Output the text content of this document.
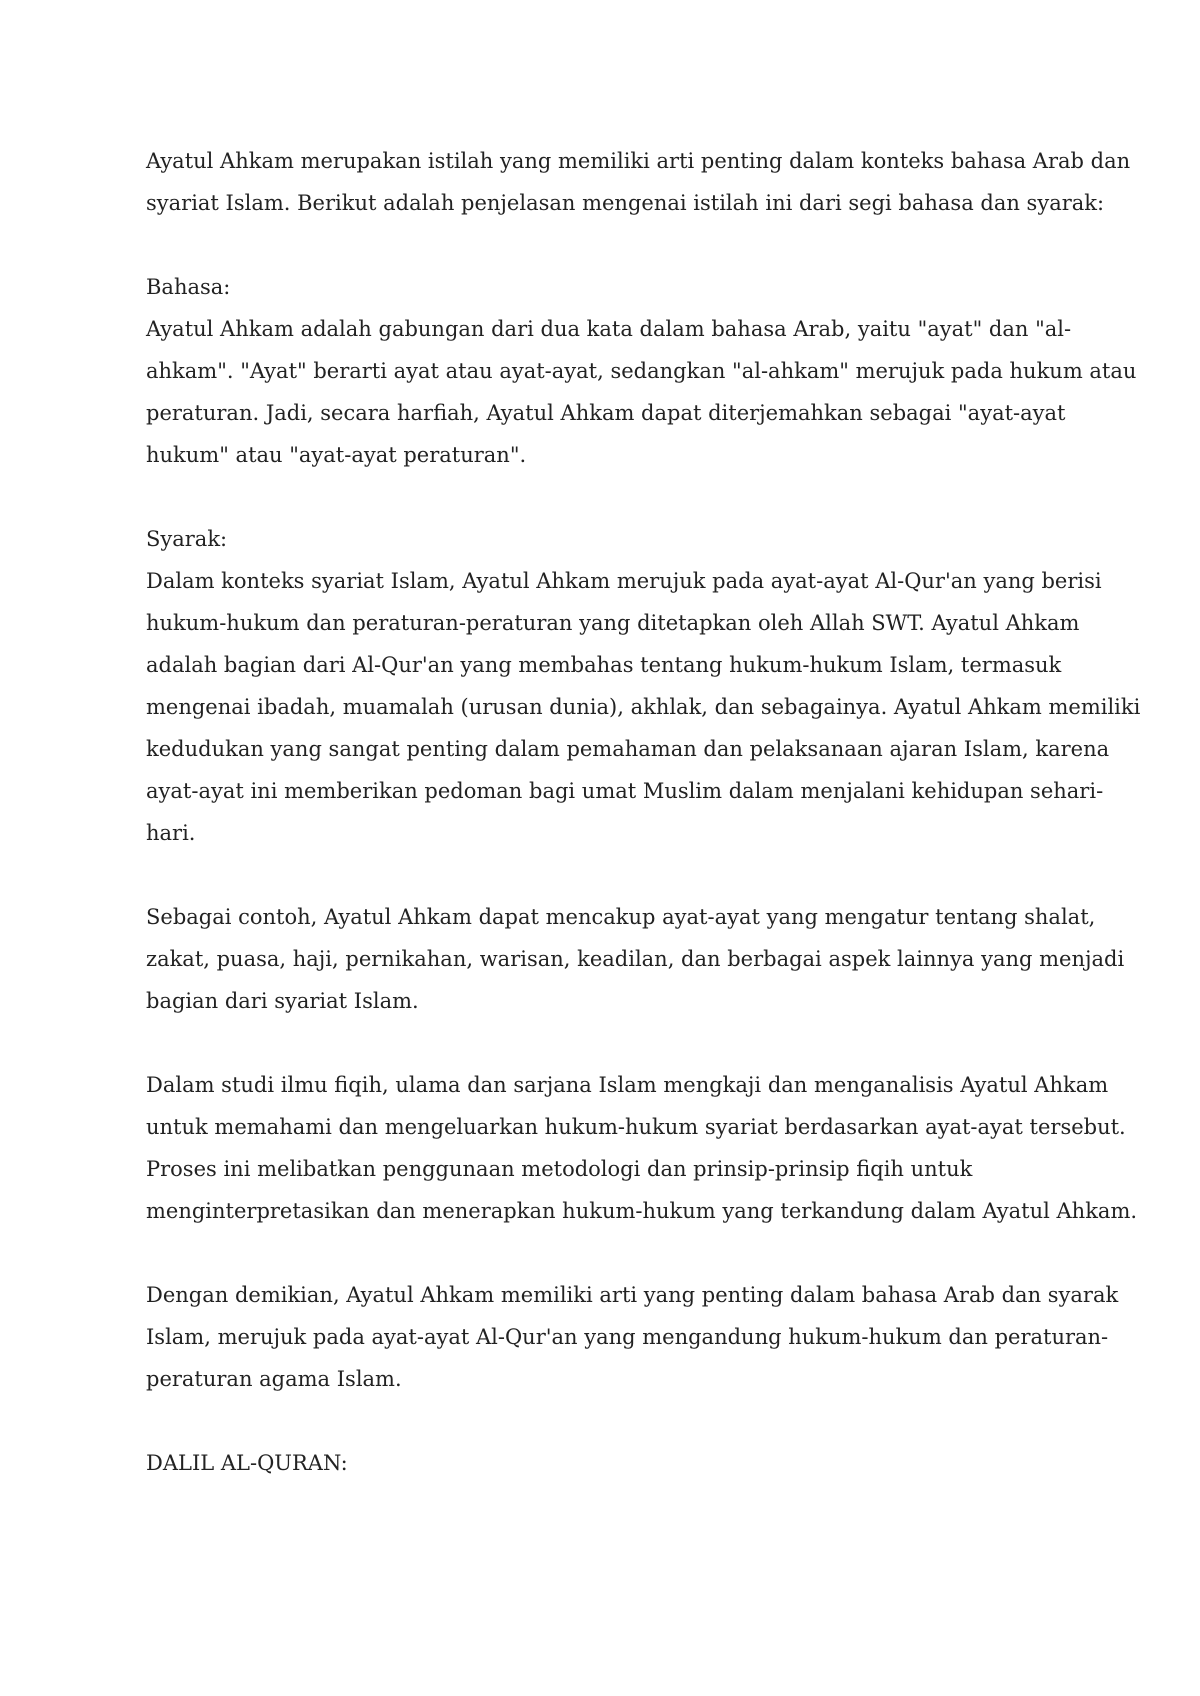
Ayatul Ahkam merupakan istilah yang memiliki arti penting dalam konteks bahasa Arab dan
syariat Islam. Berikut adalah penjelasan mengenai istilah ini dari segi bahasa dan syarak:
Bahasa:
Ayatul Ahkam adalah gabungan dari dua kata dalam bahasa Arab, yaitu "ayat" dan "al-
ahkam". "Ayat" berarti ayat atau ayat-ayat, sedangkan "al-ahkam" merujuk pada hukum atau
peraturan. Jadi, secara harfiah, Ayatul Ahkam dapat diterjemahkan sebagai "ayat-ayat
hukum" atau "ayat-ayat peraturan".
Syarak:
Dalam konteks syariat Islam, Ayatul Ahkam merujuk pada ayat-ayat Al-Qur'an yang berisi
hukum-hukum dan peraturan-peraturan yang ditetapkan oleh Allah SWT. Ayatul Ahkam
adalah bagian dari Al-Qur'an yang membahas tentang hukum-hukum Islam, termasuk
mengenai ibadah, muamalah (urusan dunia), akhlak, dan sebagainya. Ayatul Ahkam memiliki
kedudukan yang sangat penting dalam pemahaman dan pelaksanaan ajaran Islam, karena
ayat-ayat ini memberikan pedoman bagi umat Muslim dalam menjalani kehidupan sehari-
hari.
Sebagai contoh, Ayatul Ahkam dapat mencakup ayat-ayat yang mengatur tentang shalat,
zakat, puasa, haji, pernikahan, warisan, keadilan, dan berbagai aspek lainnya yang menjadi
bagian dari syariat Islam.
Dalam studi ilmu fiqih, ulama dan sarjana Islam mengkaji dan menganalisis Ayatul Ahkam
untuk memahami dan mengeluarkan hukum-hukum syariat berdasarkan ayat-ayat tersebut.
Proses ini melibatkan penggunaan metodologi dan prinsip-prinsip fiqih untuk
menginterpretasikan dan menerapkan hukum-hukum yang terkandung dalam Ayatul Ahkam.
Dengan demikian, Ayatul Ahkam memiliki arti yang penting dalam bahasa Arab dan syarak
Islam, merujuk pada ayat-ayat Al-Qur'an yang mengandung hukum-hukum dan peraturan-
peraturan agama Islam.
DALIL AL-QURAN:
